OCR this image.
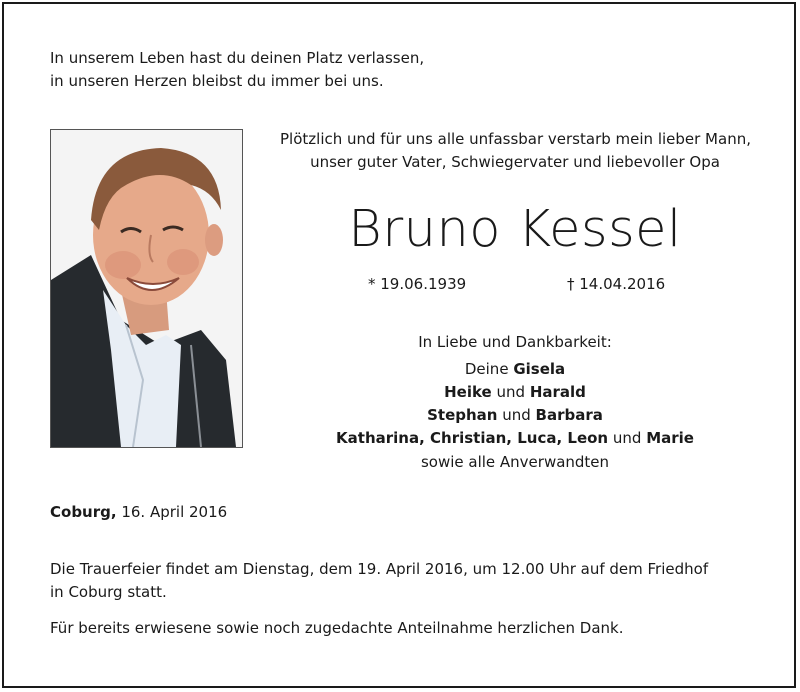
In unserem Leben hast du deinen Platz verlassen,
in unseren Herzen bleibst du immer bei uns.
Plötzlich und für uns alle unfassbar verstarb mein lieber Mann,
unser guter Vater, Schwiegervater und liebevoller Opa
Bruno Kessel
* 19.06.1939	† 14.04.2016
In Liebe und Dankbarkeit:
Deine Gisela
Heike und Harald
Stephan und Barbara
Katharina, Christian, Luca, Leon und Marie
sowie alle Anverwandten
Coburg, 16. April 2016
Die Trauerfeier findet am Dienstag, dem 19. April 2016, um 12.00 Uhr auf dem Friedhof
in Coburg statt.
Für bereits erwiesene sowie noch zugedachte Anteilnahme herzlichen Dank.
